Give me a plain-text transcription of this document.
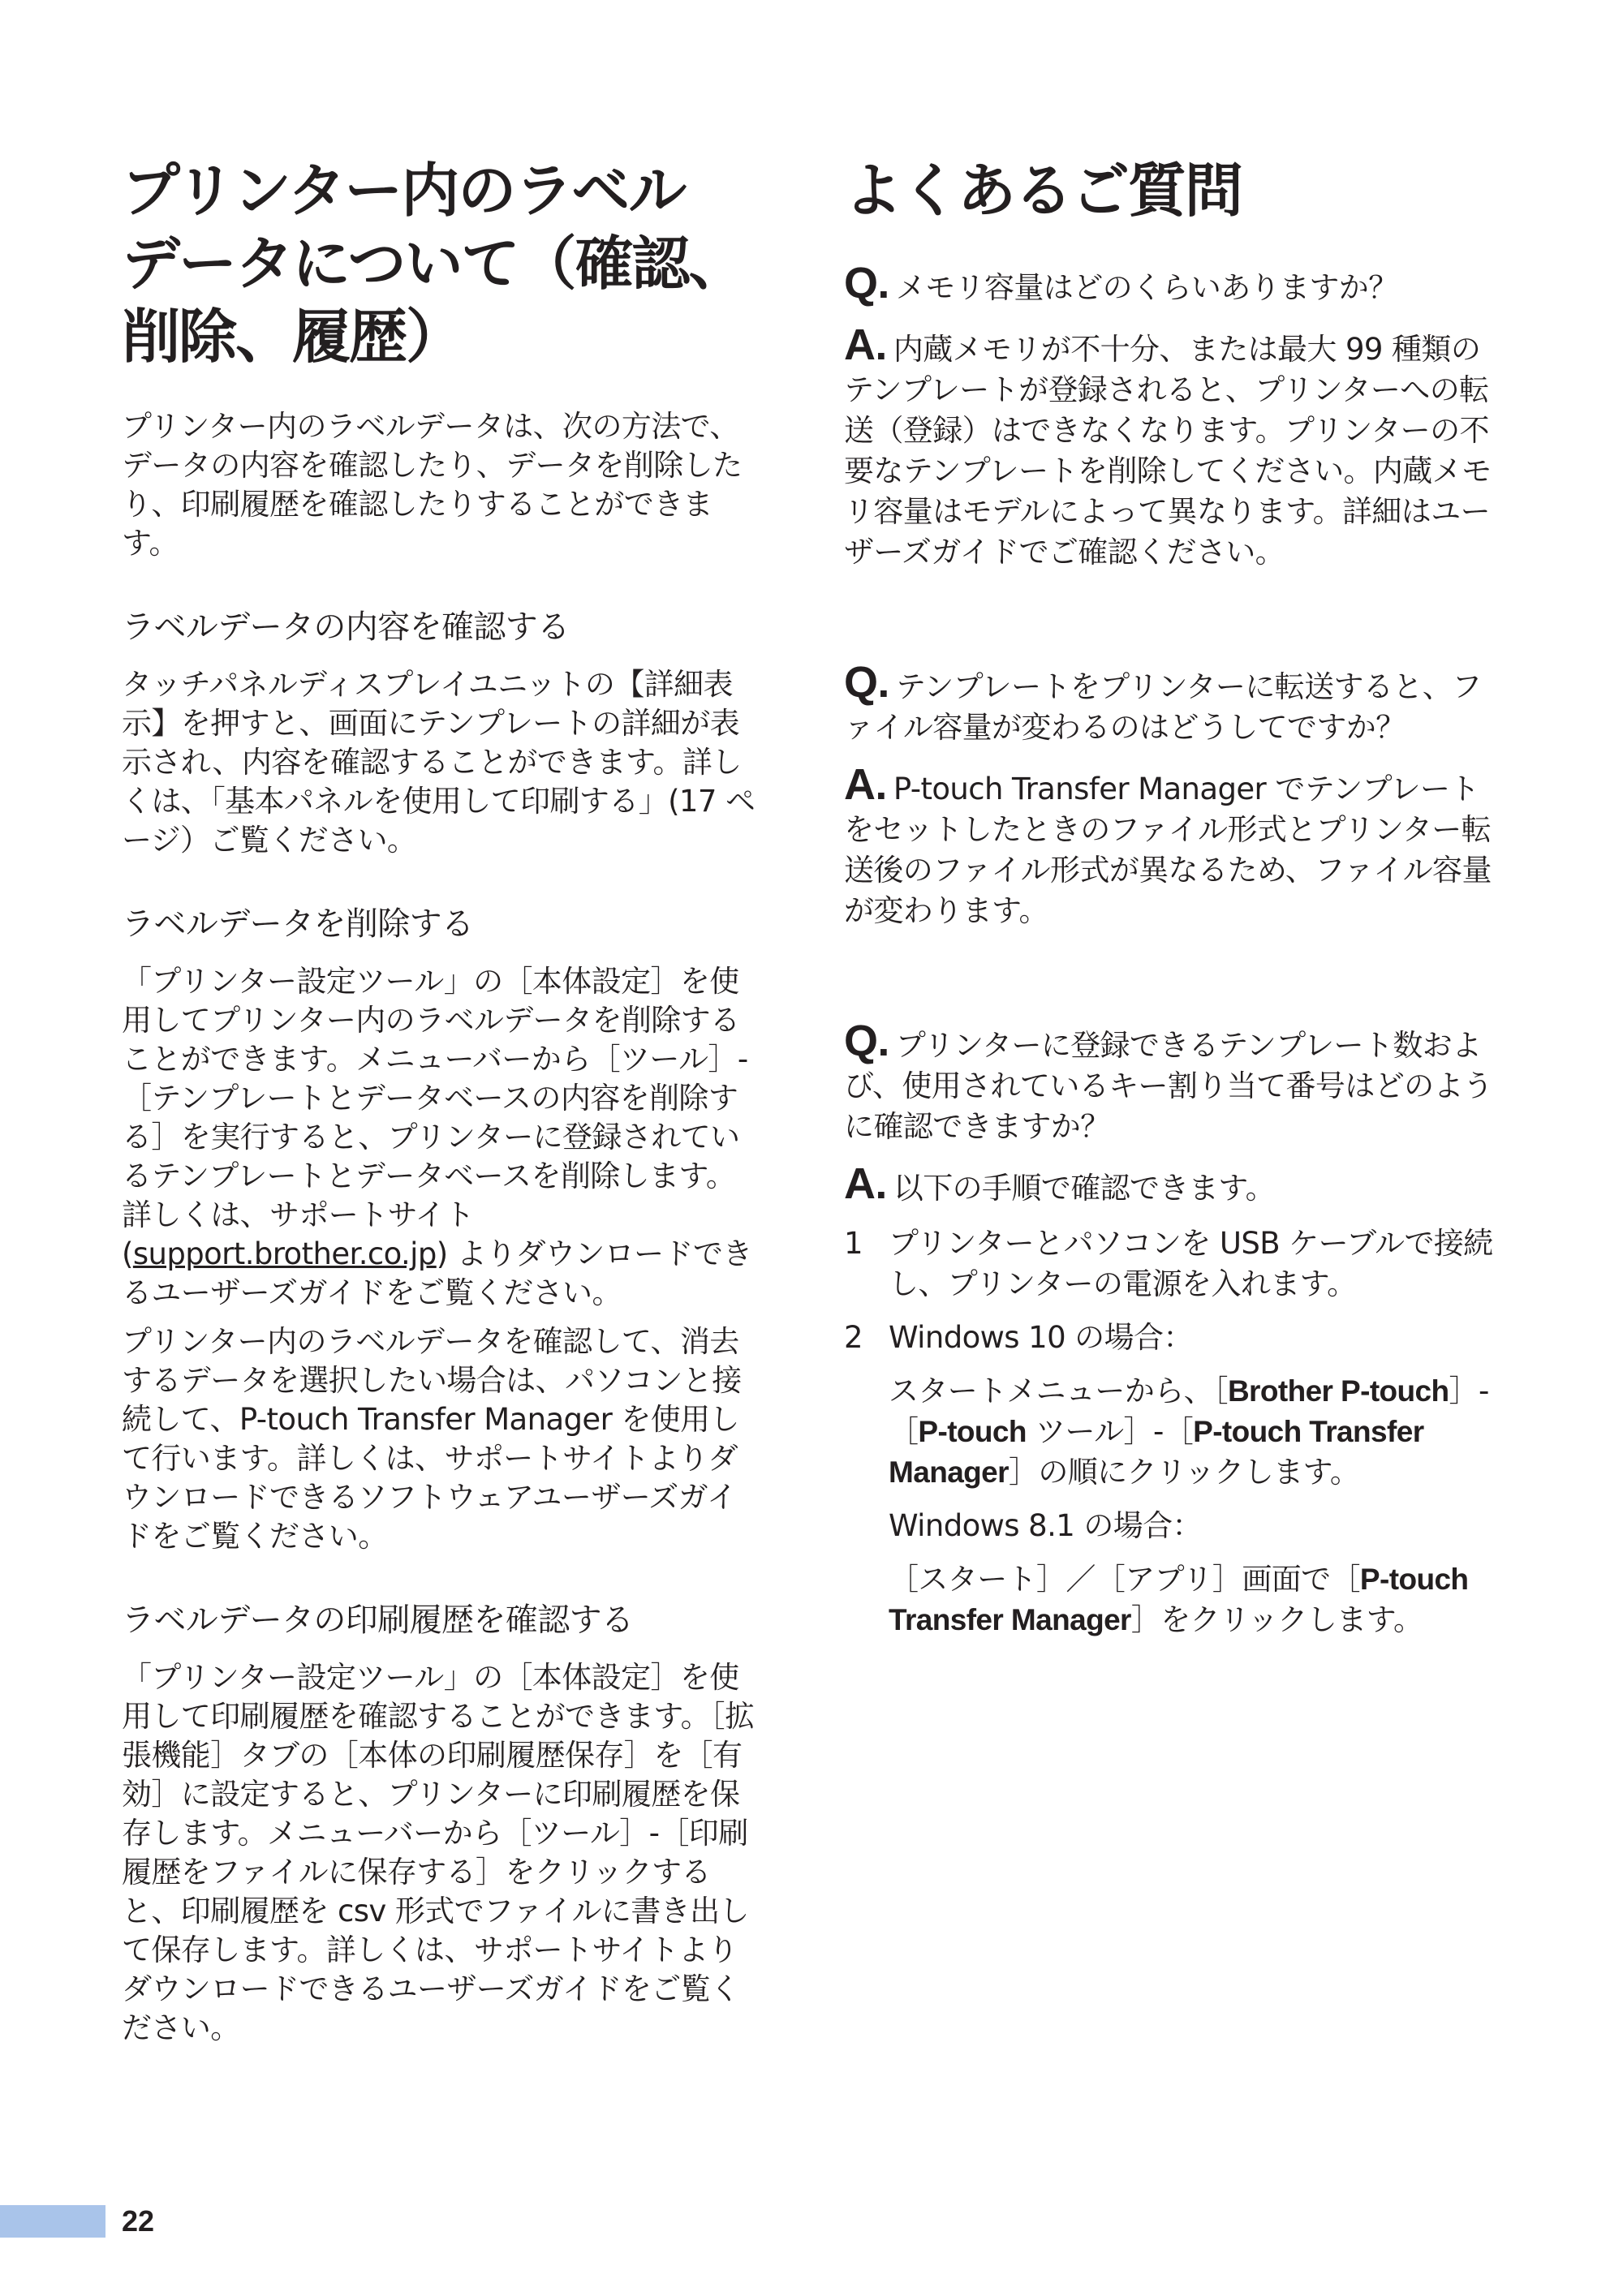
プリンター内のラベル
データについて（確認、
削除、履歴）

プリンター内のラベルデータは、次の方法で、データの内容を確認したり、データを削除したり、印刷履歴を確認したりすることができます。

ラベルデータの内容を確認する

タッチパネルディスプレイユニットの【詳細表示】を押すと、画面にテンプレートの詳細が表示され、内容を確認することができます。詳しくは、「基本パネルを使用して印刷する」(17 ページ）ご覧ください。

ラベルデータを削除する

「プリンター設定ツール」の［本体設定］を使用してプリンター内のラベルデータを削除することができます。メニューバーから［ツール］-［テンプレートとデータベースの内容を削除する］を実行すると、プリンターに登録されているテンプレートとデータベースを削除します。詳しくは、サポートサイト (support.brother.co.jp) よりダウンロードできるユーザーズガイドをご覧ください。

プリンター内のラベルデータを確認して、消去するデータを選択したい場合は、パソコンと接続して、P-touch Transfer Manager を使用して行います。詳しくは、サポートサイトよりダウンロードできるソフトウェアユーザーズガイドをご覧ください。

ラベルデータの印刷履歴を確認する

「プリンター設定ツール」の［本体設定］を使用して印刷履歴を確認することができます。［拡張機能］タブの［本体の印刷履歴保存］を［有効］に設定すると、プリンターに印刷履歴を保存します。メニューバーから［ツール］-［印刷履歴をファイルに保存する］をクリックすると、印刷履歴を csv 形式でファイルに書き出して保存します。詳しくは、サポートサイトよりダウンロードできるユーザーズガイドをご覧ください。

よくあるご質問
Q. メモリ容量はどのくらいありますか？
A. 内蔵メモリが不十分、または最大 99 種類のテンプレートが登録されると、プリンターへの転送（登録）はできなくなります。プリンターの不要なテンプレートを削除してください。内蔵メモリ容量はモデルによって異なります。詳細はユーザーズガイドでご確認ください。
Q. テンプレートをプリンターに転送すると、ファイル容量が変わるのはどうしてですか？
A. P-touch Transfer Manager でテンプレートをセットしたときのファイル形式とプリンター転送後のファイル形式が異なるため、ファイル容量が変わります。
Q. プリンターに登録できるテンプレート数および、使用されているキー割り当て番号はどのように確認できますか？
A. 以下の手順で確認できます。
1 プリンターとパソコンを USB ケーブルで接続し、プリンターの電源を入れます。
2 Windows 10 の場合：
スタートメニューから、［Brother P-touch］-［P-touch ツール］-［P-touch Transfer Manager］の順にクリックします。
Windows 8.1 の場合：
［スタート］／［アプリ］画面で［P-touch Transfer Manager］をクリックします。
22
